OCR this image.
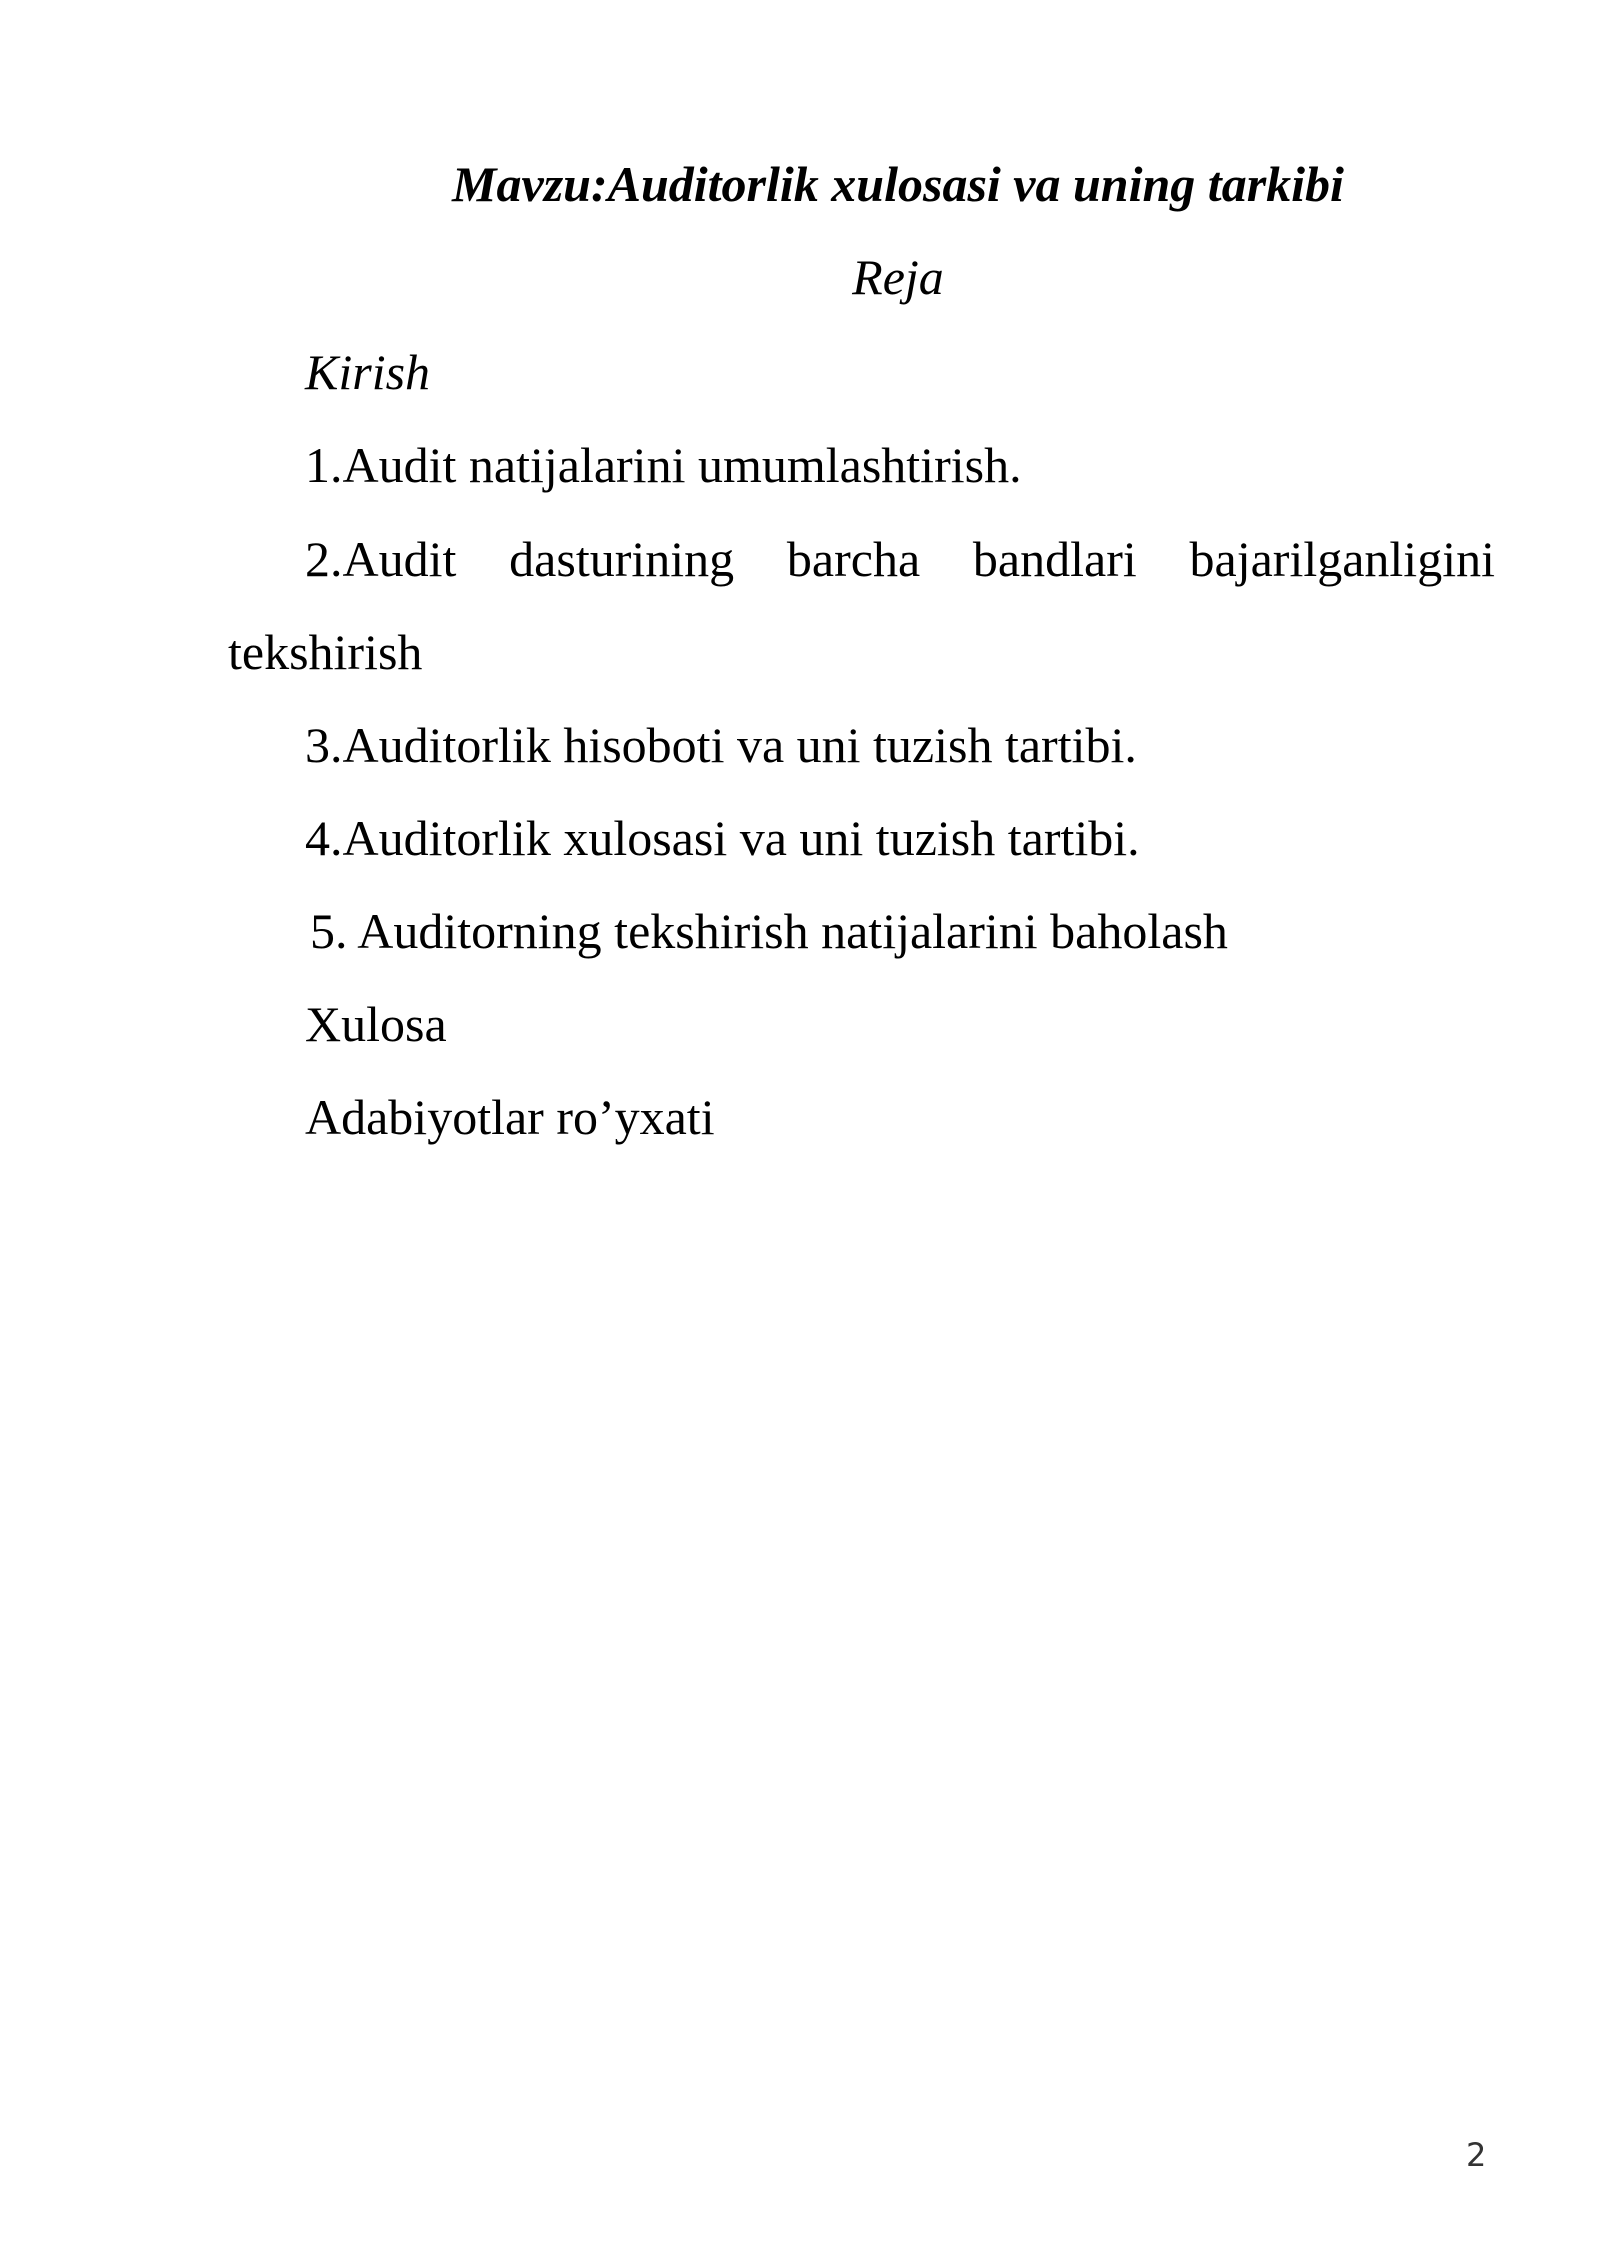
Mavzu:Auditorlik xulosasi va uning tarkibi
Reja
Kirish
1.Audit natijalarini umumlashtirish.
2.Audit dasturining barcha bandlari bajarilganligini
tekshirish
3.Auditorlik hisoboti va uni tuzish tartibi.
4.Auditorlik xulosasi va uni tuzish tartibi.
5. Auditorning tekshirish natijalarini baholash
Xulosa
Adabiyotlar ro’yxati
2
